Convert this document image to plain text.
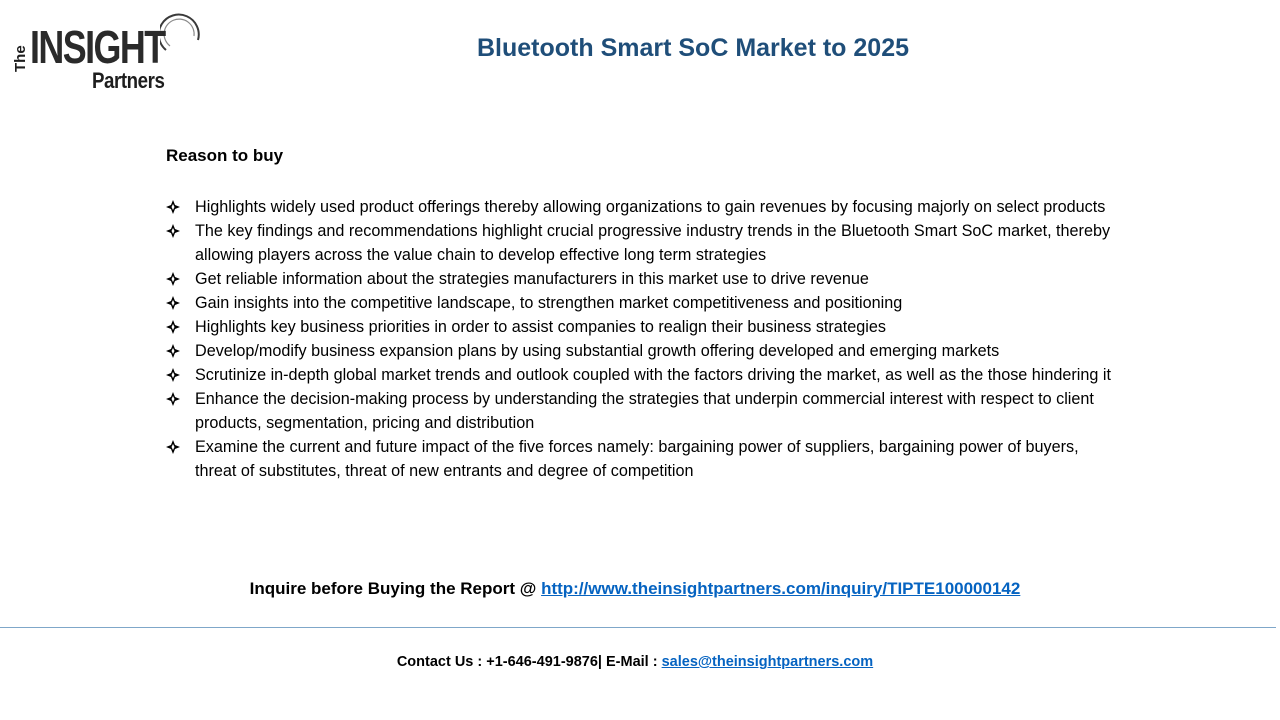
The INSIGHT
Partners
Bluetooth Smart SoC Market to 2025
Reason to buy
Highlights widely used product offerings thereby allowing organizations to gain revenues by focusing majorly on select products
The key findings and recommendations highlight crucial progressive industry trends in the Bluetooth Smart SoC market, thereby allowing players across the value chain to develop effective long term strategies
Get reliable information about the strategies manufacturers in this market use to drive revenue
Gain insights into the competitive landscape, to strengthen market competitiveness and positioning
Highlights key business priorities in order to assist companies to realign their business strategies
Develop/modify business expansion plans by using substantial growth offering developed and emerging markets
Scrutinize in-depth global market trends and outlook coupled with the factors driving the market, as well as the those hindering it
Enhance the decision-making process by understanding the strategies that underpin commercial interest with respect to client products, segmentation, pricing and distribution
Examine the current and future impact of the five forces namely: bargaining power of suppliers, bargaining power of buyers, threat of substitutes, threat of new entrants and degree of competition
Inquire before Buying the Report @ http://www.theinsightpartners.com/inquiry/TIPTE100000142
Contact Us : +1-646-491-9876| E-Mail : sales@theinsightpartners.com
